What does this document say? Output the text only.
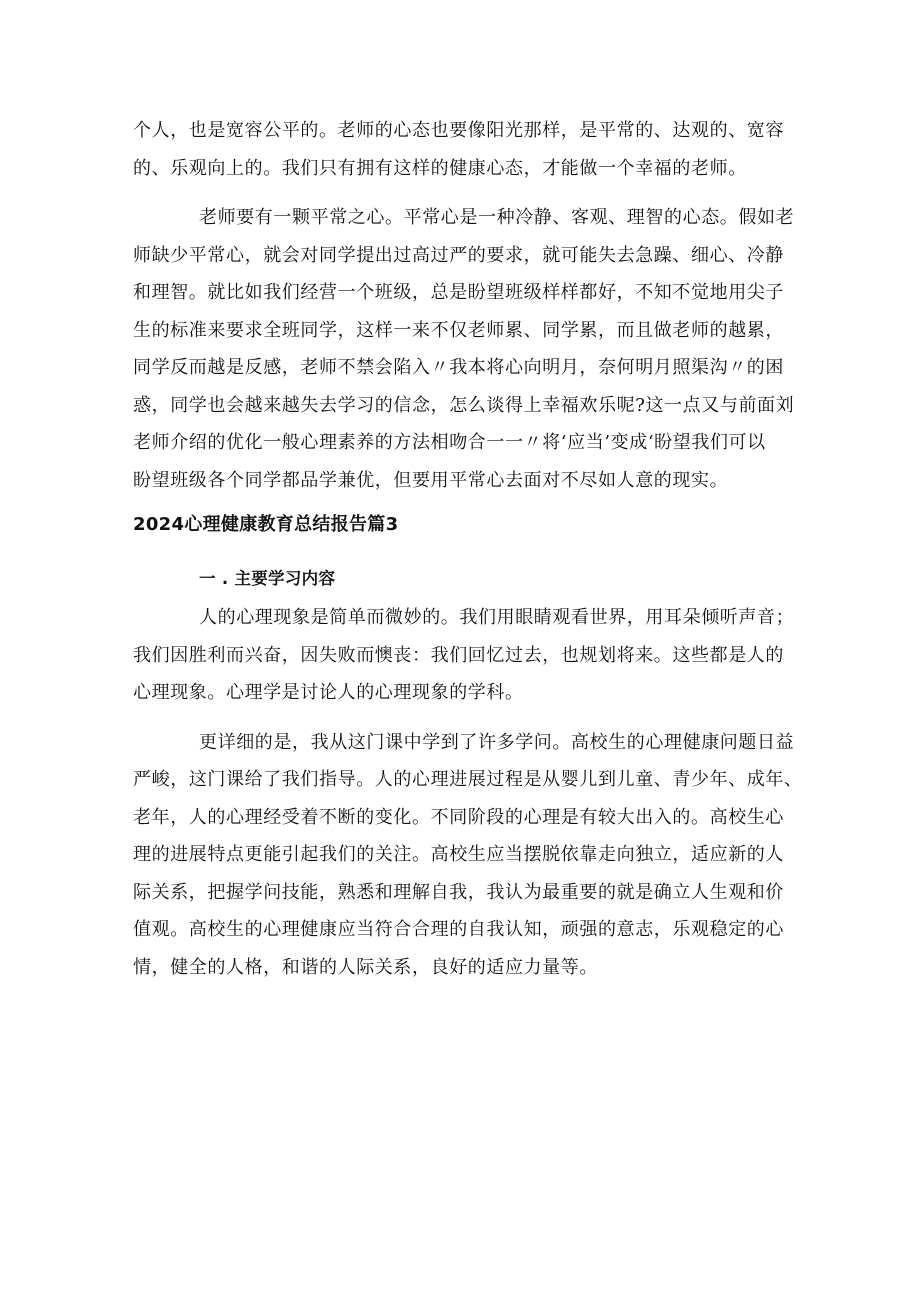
个人，也是宽容公平的。老师的心态也要像阳光那样，是平常的、达观的、宽容
的、乐观向上的。我们只有拥有这样的健康心态，才能做一个幸福的老师。

老师要有一颗平常之心。平常心是一种冷静、客观、理智的心态。假如老
师缺少平常心，就会对同学提出过高过严的要求，就可能失去急躁、细心、冷静
和理智。就比如我们经营一个班级，总是盼望班级样样都好，不知不觉地用尖子
生的标准来要求全班同学，这样一来不仅老师累、同学累，而且做老师的越累，
同学反而越是反感，老师不禁会陷入〃我本将心向明月，奈何明月照渠沟〃的困
惑，同学也会越来越失去学习的信念，怎么谈得上幸福欢乐呢?这一点又与前面刘
老师介绍的优化一般心理素养的方法相吻合一一〃将‘应当’变成‘盼望我们可以
盼望班级各个同学都品学兼优，但要用平常心去面对不尽如人意的现实。

2024心理健康教育总结报告篇3
一 . 主要学习内容

人的心理现象是简单而微妙的。我们用眼睛观看世界，用耳朵倾听声音；
我们因胜利而兴奋，因失败而懊丧：我们回忆过去，也规划将来。这些都是人的
心理现象。心理学是讨论人的心理现象的学科。

更详细的是，我从这门课中学到了许多学问。高校生的心理健康问题日益
严峻，这门课给了我们指导。人的心理进展过程是从婴儿到儿童、青少年、成年、
老年，人的心理经受着不断的变化。不同阶段的心理是有较大出入的。高校生心
理的进展特点更能引起我们的关注。高校生应当摆脱依靠走向独立，适应新的人
际关系，把握学问技能，熟悉和理解自我，我认为最重要的就是确立人生观和价
值观。高校生的心理健康应当符合合理的自我认知，顽强的意志，乐观稳定的心
情，健全的人格，和谐的人际关系，良好的适应力量等。
